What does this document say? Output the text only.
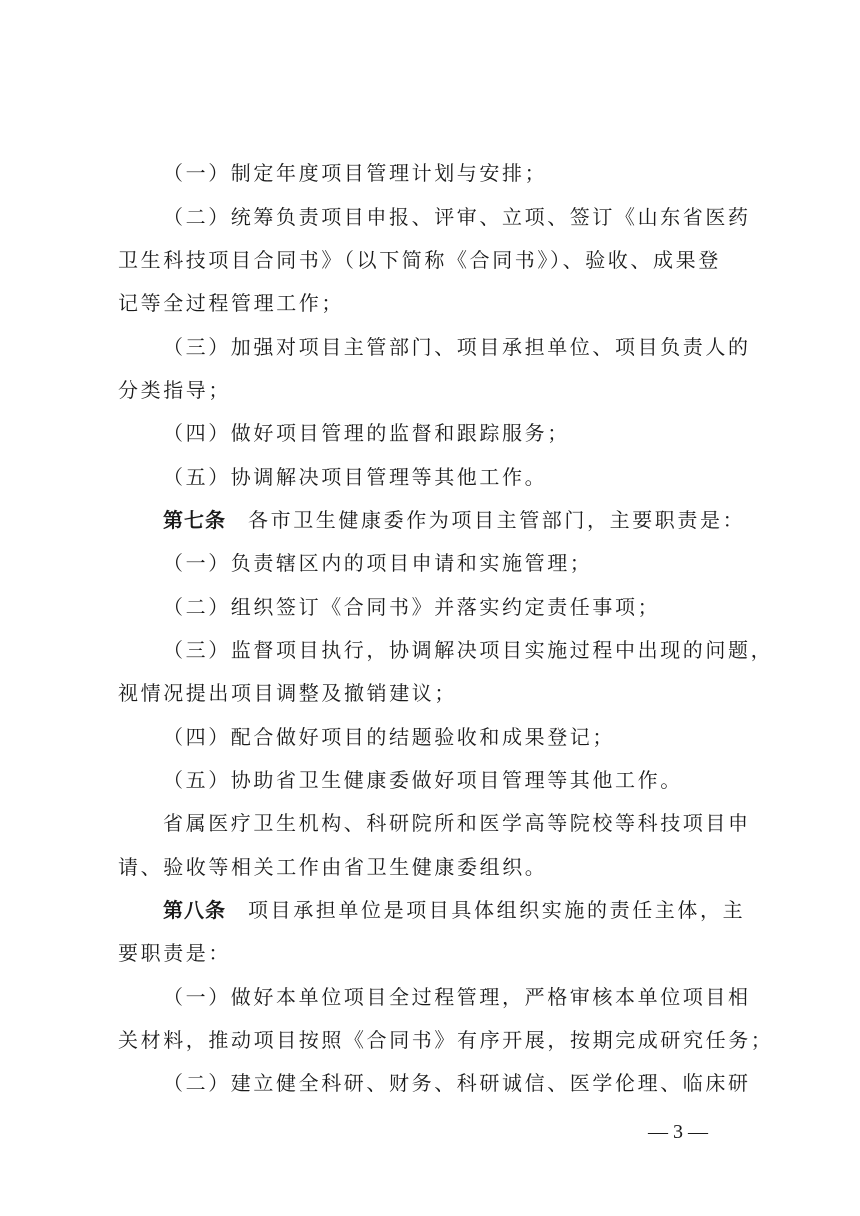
（一）制定年度项目管理计划与安排；
（二）统筹负责项目申报、评审、立项、签订《山东省医药
卫生科技项目合同书》（以下简称《合同书》）、验收、成果登
记等全过程管理工作；
（三）加强对项目主管部门、项目承担单位、项目负责人的
分类指导；
（四）做好项目管理的监督和跟踪服务；
（五）协调解决项目管理等其他工作。
第七条 各市卫生健康委作为项目主管部门，主要职责是：
（一）负责辖区内的项目申请和实施管理；
（二）组织签订《合同书》并落实约定责任事项；
（三）监督项目执行，协调解决项目实施过程中出现的问题，
视情况提出项目调整及撤销建议；
（四）配合做好项目的结题验收和成果登记；
（五）协助省卫生健康委做好项目管理等其他工作。
省属医疗卫生机构、科研院所和医学高等院校等科技项目申
请、验收等相关工作由省卫生健康委组织。
第八条 项目承担单位是项目具体组织实施的责任主体，主
要职责是：
（一）做好本单位项目全过程管理，严格审核本单位项目相
关材料，推动项目按照《合同书》有序开展，按期完成研究任务；
（二）建立健全科研、财务、科研诚信、医学伦理、临床研
— 3 —
